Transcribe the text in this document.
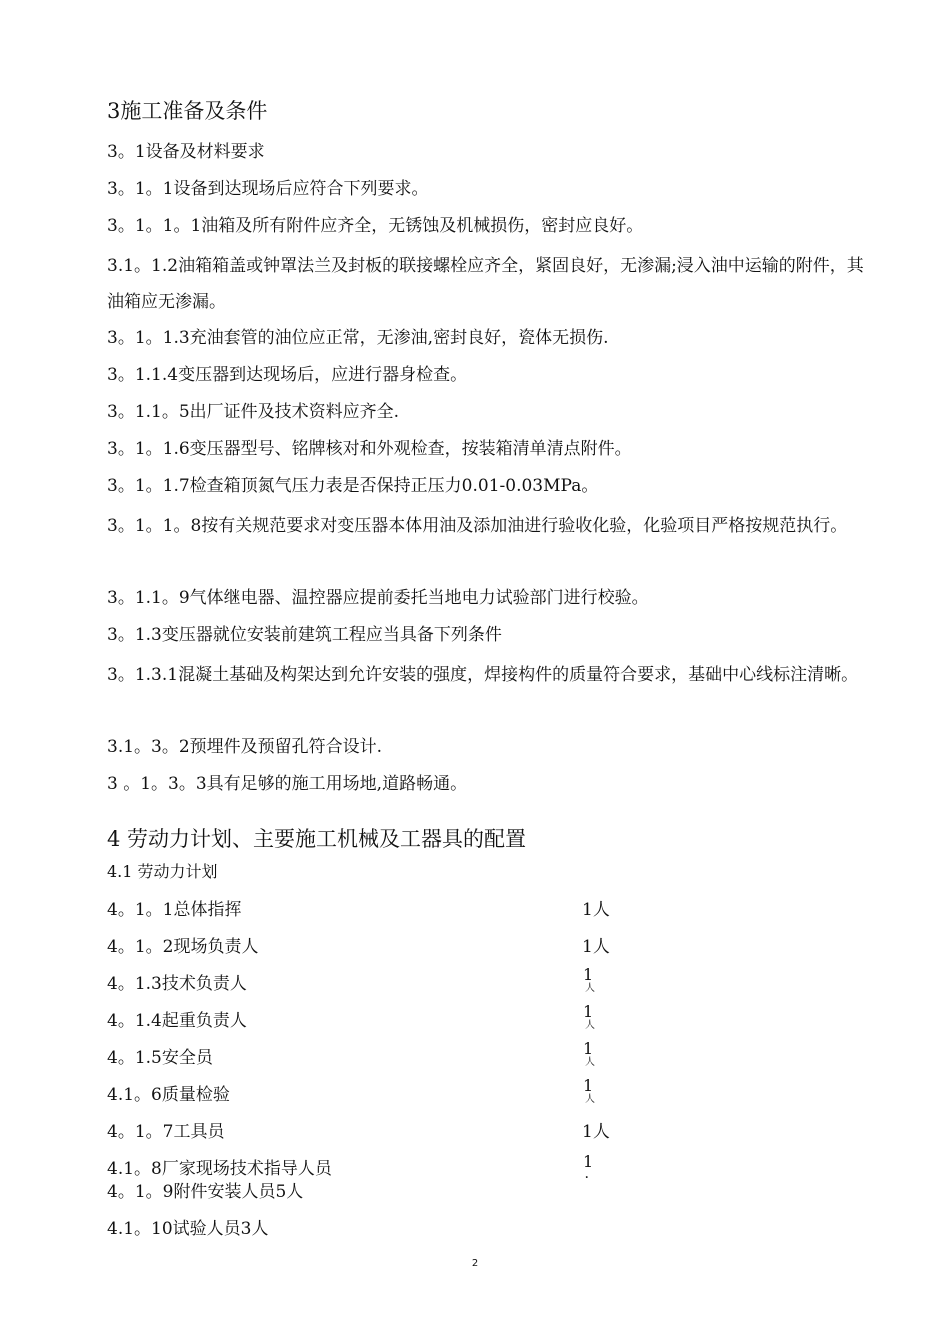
3施工准备及条件
3。1设备及材料要求
3。1。1设备到达现场后应符合下列要求。
3。1。1。1油箱及所有附件应齐全，无锈蚀及机械损伤，密封应良好。
3.1。1.2油箱箱盖或钟罩法兰及封板的联接螺栓应齐全，紧固良好，无渗漏;浸入油中运输的附件，其油箱应无渗漏。
3。1。1.3充油套管的油位应正常，无渗油,密封良好，瓷体无损伤.
3。1.1.4变压器到达现场后，应进行器身检查。
3。1.1。5出厂证件及技术资料应齐全.
3。1。1.6变压器型号、铭牌核对和外观检查，按装箱清单清点附件。
3。1。1.7检查箱顶氮气压力表是否保持正压力0.01-0.03MPa。
3。1。1。8按有关规范要求对变压器本体用油及添加油进行验收化验，化验项目严格按规范执行。
3。1.1。9气体继电器、温控器应提前委托当地电力试验部门进行校验。
3。1.3变压器就位安装前建筑工程应当具备下列条件
3。1.3.1混凝土基础及构架达到允许安装的强度，焊接构件的质量符合要求，基础中心线标注清晰。
3.1。3。2预埋件及预留孔符合设计.
3 。1。3。3具有足够的施工用场地,道路畅通。
4 劳动力计划、主要施工机械及工器具的配置
4.1 劳动力计划
4。1。1总体指挥	1人
4。1。2现场负责人	1人
4。1.3技术负责人	1
人
4。1.4起重负责人	1
人
4。1.5安全员	1
人
4.1。6质量检验	1
人
4。1。7工具员	1人
4.1。8厂家现场技术指导人员	1
.
4。1。9附件安装人员5人
4.1。10试验人员3人
2
